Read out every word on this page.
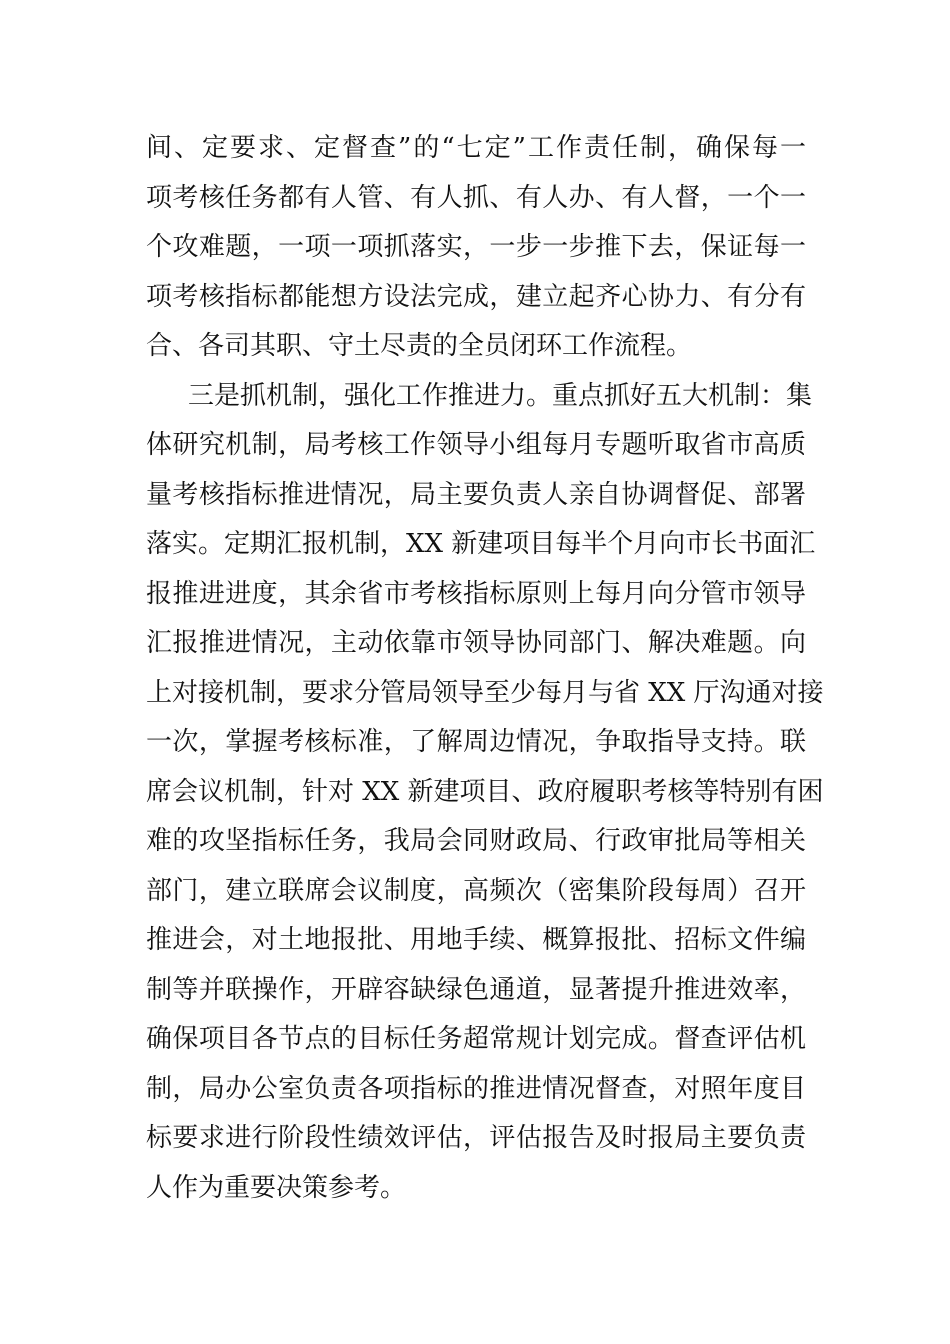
间、定要求、定督查”的“七定”工作责任制，确保每一
项考核任务都有人管、有人抓、有人办、有人督，一个一
个攻难题，一项一项抓落实，一步一步推下去，保证每一
项考核指标都能想方设法完成，建立起齐心协力、有分有
合、各司其职、守土尽责的全员闭环工作流程。
三是抓机制，强化工作推进力。重点抓好五大机制：集
体研究机制，局考核工作领导小组每月专题听取省市高质
量考核指标推进情况，局主要负责人亲自协调督促、部署
落实。定期汇报机制，XX 新建项目每半个月向市长书面汇
报推进进度，其余省市考核指标原则上每月向分管市领导
汇报推进情况，主动依靠市领导协同部门、解决难题。向
上对接机制，要求分管局领导至少每月与省 XX 厅沟通对接
一次，掌握考核标准，了解周边情况，争取指导支持。联
席会议机制，针对 XX 新建项目、政府履职考核等特别有困
难的攻坚指标任务，我局会同财政局、行政审批局等相关
部门，建立联席会议制度，高频次（密集阶段每周）召开
推进会，对土地报批、用地手续、概算报批、招标文件编
制等并联操作，开辟容缺绿色通道，显著提升推进效率，
确保项目各节点的目标任务超常规计划完成。督查评估机
制，局办公室负责各项指标的推进情况督查，对照年度目
标要求进行阶段性绩效评估，评估报告及时报局主要负责
人作为重要决策参考。
